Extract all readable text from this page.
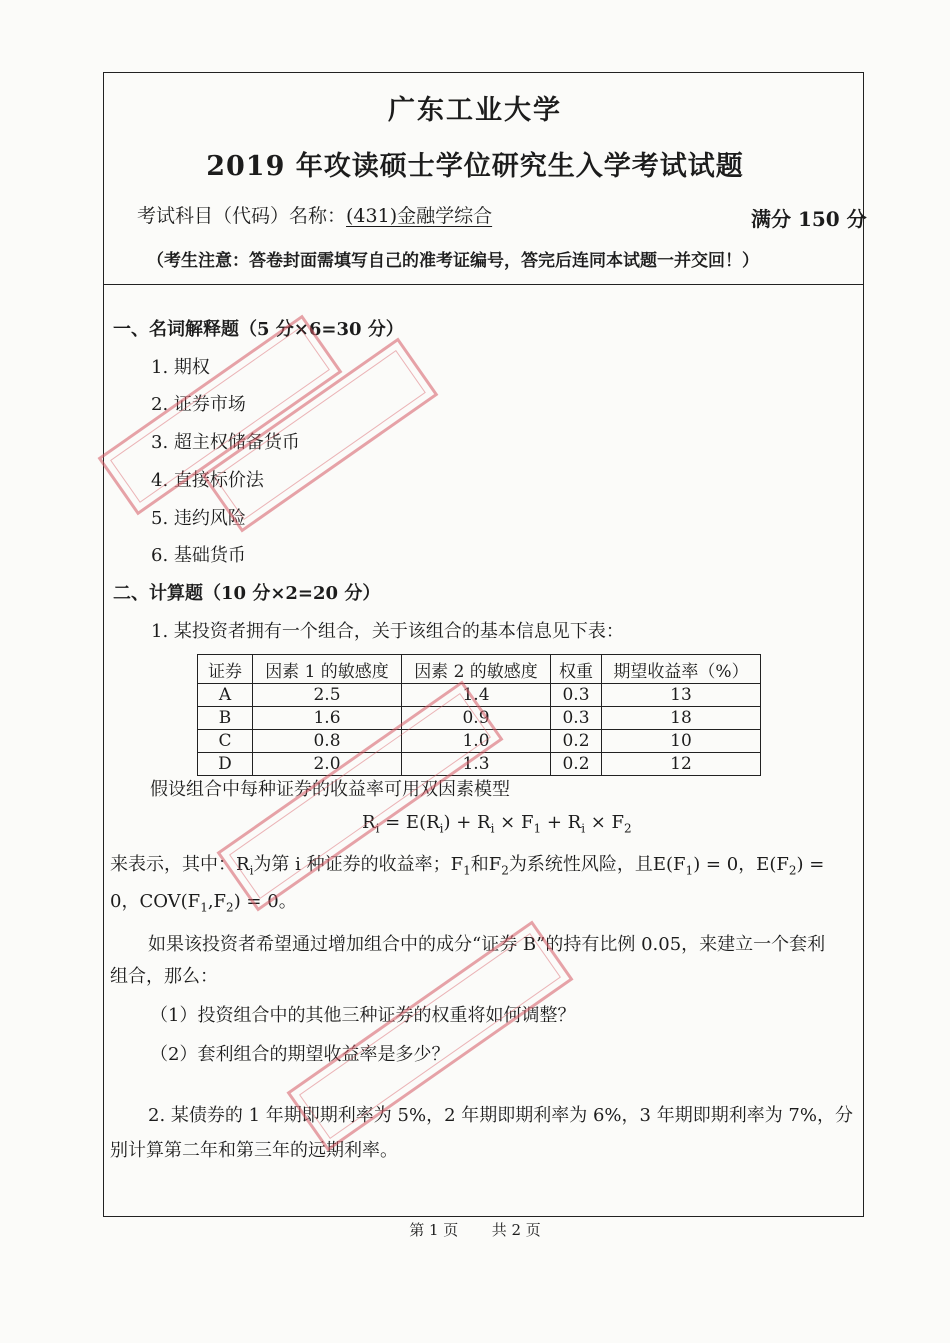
广东工业大学
2019 年攻读硕士学位研究生入学考试试题
考试科目（代码）名称：(431)金融学综合	满分 150 分
（考生注意：答卷封面需填写自己的准考证编号，答完后连同本试题一并交回！）
一、名词解释题（5 分×6=30 分）
1. 期权
2. 证券市场
3. 超主权储备货币
4. 直接标价法
5. 违约风险
6. 基础货币
二、计算题（10 分×2=20 分）
1. 某投资者拥有一个组合，关于该组合的基本信息见下表：
证券	因素 1 的敏感度	因素 2 的敏感度	权重	期望收益率（%）
A	2.5	1.4	0.3	13
B	1.6	0.9	0.3	18
C	0.8	1.0	0.2	10
D	2.0	1.3	0.2	12
假设组合中每种证券的收益率可用双因素模型
$R_i = E(R_i) + R_i \times F_1 + R_i \times F_2$
来表示，其中：$R_i$为第 i 种证券的收益率；$F_1$和$F_2$为系统性风险，且$E(F_1) = 0$，$E(F_2)$ =
0，$COV(F_1,F_2) = 0$。
如果该投资者希望通过增加组合中的成分“证券 B”的持有比例 0.05，来建立一个套利
组合，那么：
（1）投资组合中的其他三种证券的权重将如何调整？
（2）套利组合的期望收益率是多少？
2. 某债券的 1 年期即期利率为 5%，2 年期即期利率为 6%，3 年期即期利率为 7%，分
别计算第二年和第三年的远期利率。
第 1 页 共 2 页
